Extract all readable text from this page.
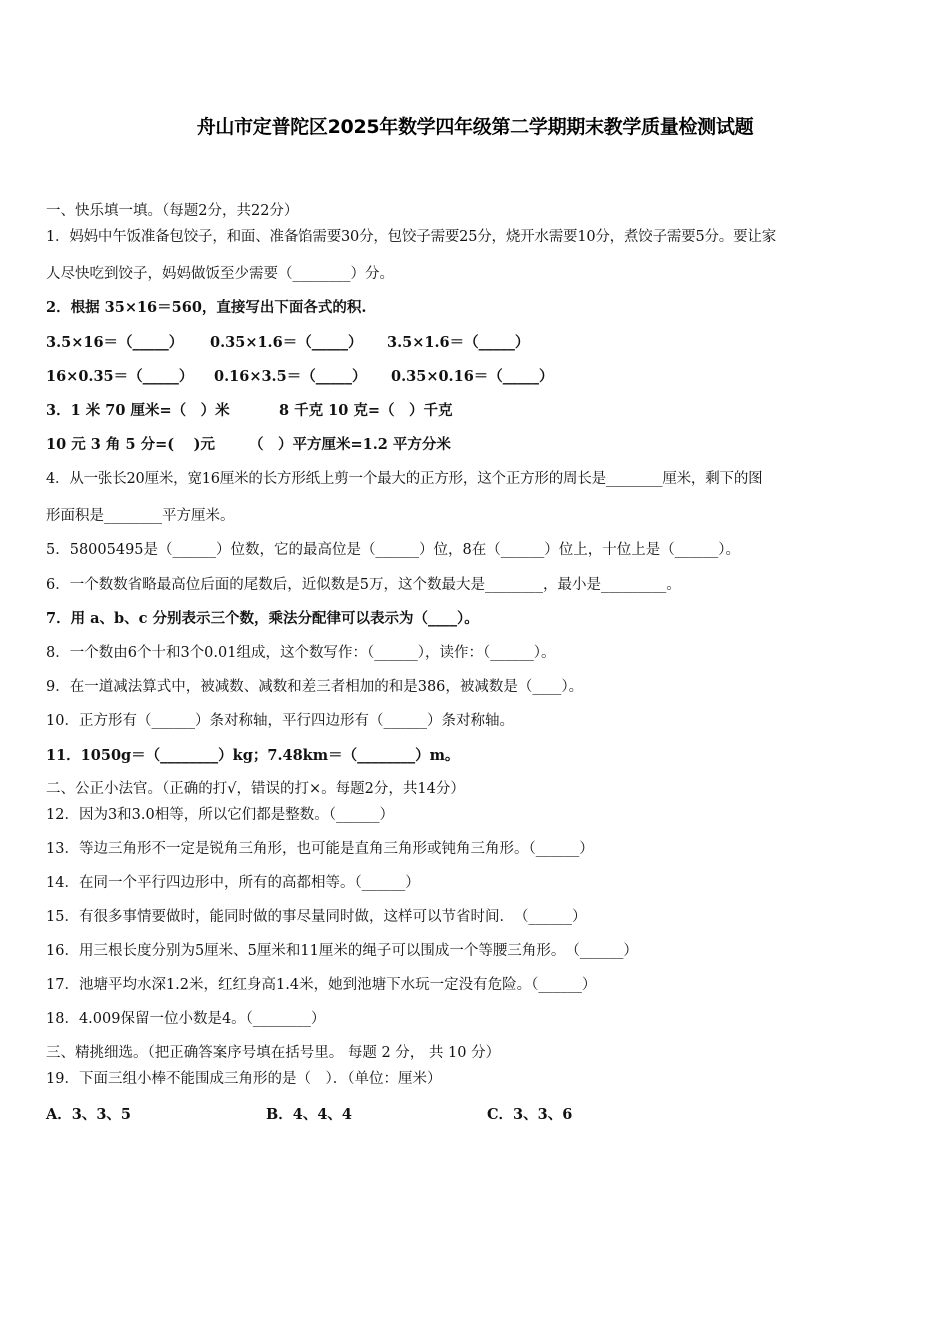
舟山市定普陀区2025年数学四年级第二学期期末教学质量检测试题
一、快乐填一填。（每题2分，共22分）
1．妈妈中午饭准备包饺子，和面、准备馅需要30分，包饺子需要25分，烧开水需要10分，煮饺子需要5分。要让家
人尽快吃到饺子，妈妈做饭至少需要（________）分。
2．根据 35×16＝560，直接写出下面各式的积.
3.5×16＝（_____） 0.35×1.6＝（_____） 3.5×1.6＝（_____）
16×0.35＝（_____） 0.16×3.5＝（_____） 0.35×0.16＝（_____）
3．1 米 70 厘米=（　）米	8 千克 10 克=（　）千克
10 元 3 角 5 分=(　 )元 （　）平方厘米=1.2 平方分米
4．从一张长20厘米，宽16厘米的长方形纸上剪一个最大的正方形，这个正方形的周长是________厘米，剩下的图
形面积是________平方厘米。
5．58005495是（______）位数，它的最高位是（______）位，8在（______）位上，十位上是（______）。
6．一个数数省略最高位后面的尾数后，近似数是5万，这个数最大是________，最小是_________。
7．用 a、b、c 分别表示三个数，乘法分配律可以表示为（____）。
8．一个数由6个十和3个0.01组成，这个数写作：（______），读作：（______）。
9．在一道减法算式中，被减数、减数和差三者相加的和是386，被减数是（____）。
10．正方形有（______）条对称轴，平行四边形有（______）条对称轴。
11．1050g＝（________）kg；7.48km＝（________）m。
二、公正小法官。（正确的打√，错误的打×。每题2分，共14分）
12．因为3和3.0相等，所以它们都是整数。（______）
13．等边三角形不一定是锐角三角形，也可能是直角三角形或钝角三角形。（______）
14．在同一个平行四边形中，所有的高都相等。（______）
15．有很多事情要做时，能同时做的事尽量同时做，这样可以节省时间．　（______）
16．用三根长度分别为5厘米、5厘米和11厘米的绳子可以围成一个等腰三角形。　（______）
17．池塘平均水深1.2米，红红身高1.4米，她到池塘下水玩一定没有危险。（______）
18．4.009保留一位小数是4。（________）
三、精挑细选。（把正确答案序号填在括号里。 每题 2 分， 共 10 分）
19．下面三组小棒不能围成三角形的是（　）．（单位：厘米）
A．3、3、5	B．4、4、4	C．3、3、6
